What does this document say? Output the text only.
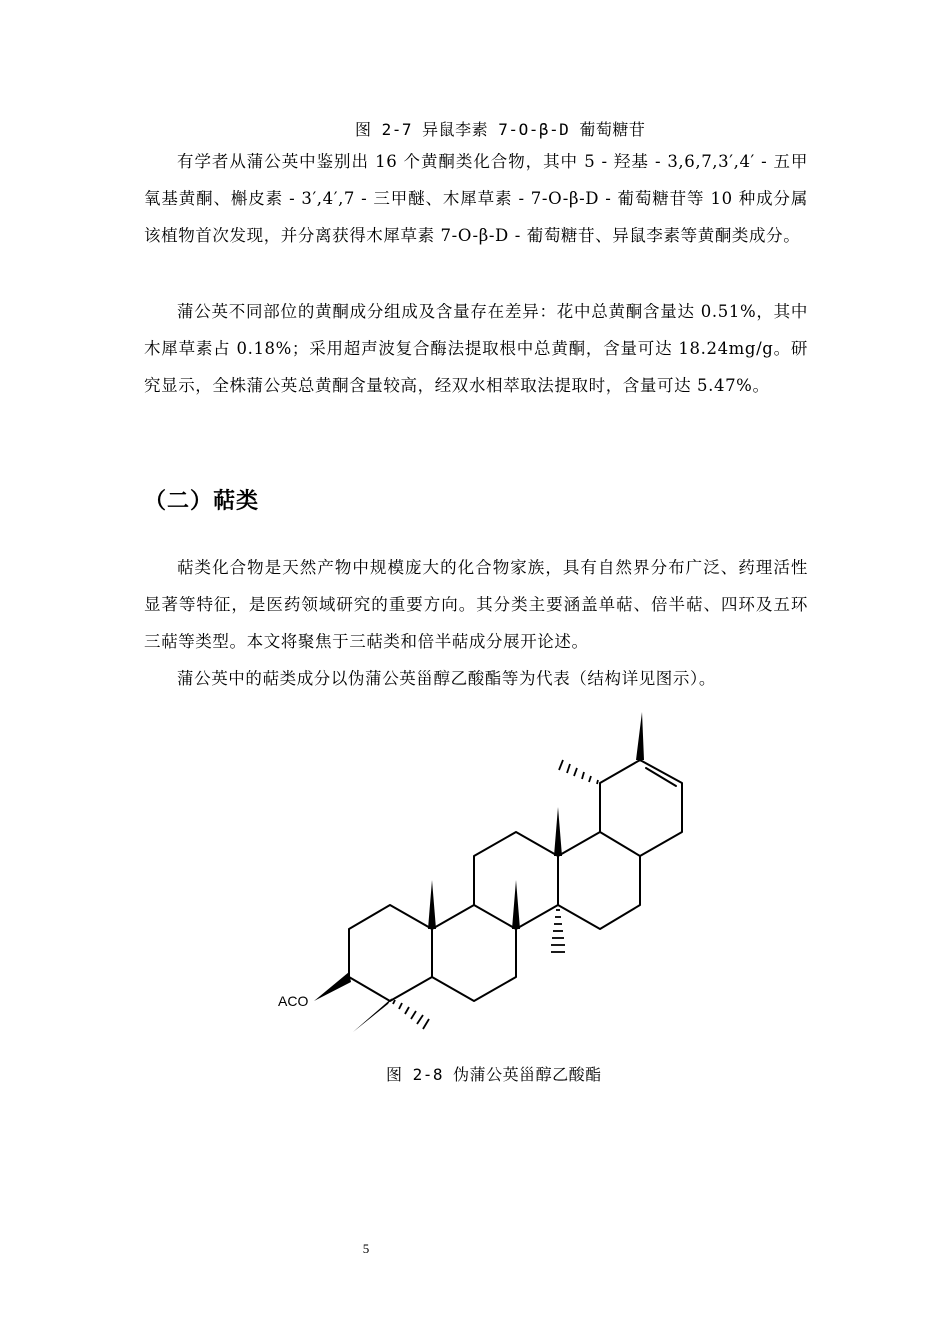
图 2-7 异鼠李素 7-O-β-D 葡萄糖苷

有学者从蒲公英中鉴别出 16 个黄酮类化合物，其中 5 - 羟基 - 3,6,7,3′,4′ - 五甲氧基黄酮、槲皮素 - 3′,4′,7 - 三甲醚、木犀草素 - 7-O-β-D - 葡萄糖苷等 10 种成分属该植物首次发现，并分离获得木犀草素 7-O-β-D - 葡萄糖苷、异鼠李素等黄酮类成分。

蒲公英不同部位的黄酮成分组成及含量存在差异：花中总黄酮含量达 0.51%，其中木犀草素占 0.18%；采用超声波复合酶法提取根中总黄酮，含量可达 18.24mg/g。研究显示，全株蒲公英总黄酮含量较高，经双水相萃取法提取时，含量可达 5.47%。

（二）萜类

萜类化合物是天然产物中规模庞大的化合物家族，具有自然界分布广泛、药理活性显著等特征，是医药领域研究的重要方向。其分类主要涵盖单萜、倍半萜、四环及五环三萜等类型。本文将聚焦于三萜类和倍半萜成分展开论述。

蒲公英中的萜类成分以伪蒲公英甾醇乙酸酯等为代表（结构详见图示）。

ACO
图 2-8 伪蒲公英甾醇乙酸酯
5
